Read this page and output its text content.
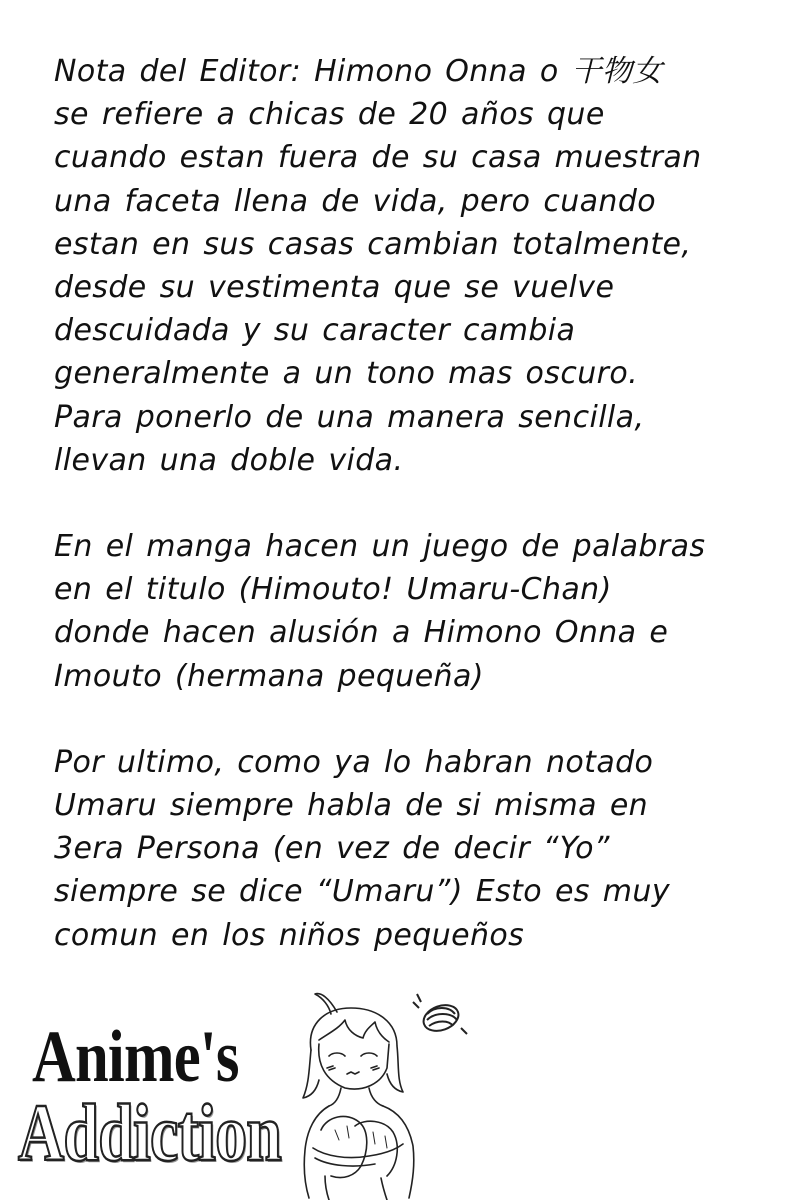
Nota del Editor: Himono Onna o 干物女
se refiere a chicas de 20 años que
cuando estan fuera de su casa muestran
una faceta llena de vida, pero cuando
estan en sus casas cambian totalmente,
desde su vestimenta que se vuelve
descuidada y su caracter cambia
generalmente a un tono mas oscuro.
Para ponerlo de una manera sencilla,
llevan una doble vida.

En el manga hacen un juego de palabras
en el titulo (Himouto! Umaru-Chan)
donde hacen alusión a Himono Onna e
Imouto (hermana pequeña)

Por ultimo, como ya lo habran notado
Umaru siempre habla de si misma en
3era Persona (en vez de decir “Yo”
siempre se dice “Umaru”) Esto es muy
comun en los niños pequeños

Anime's
Addiction
